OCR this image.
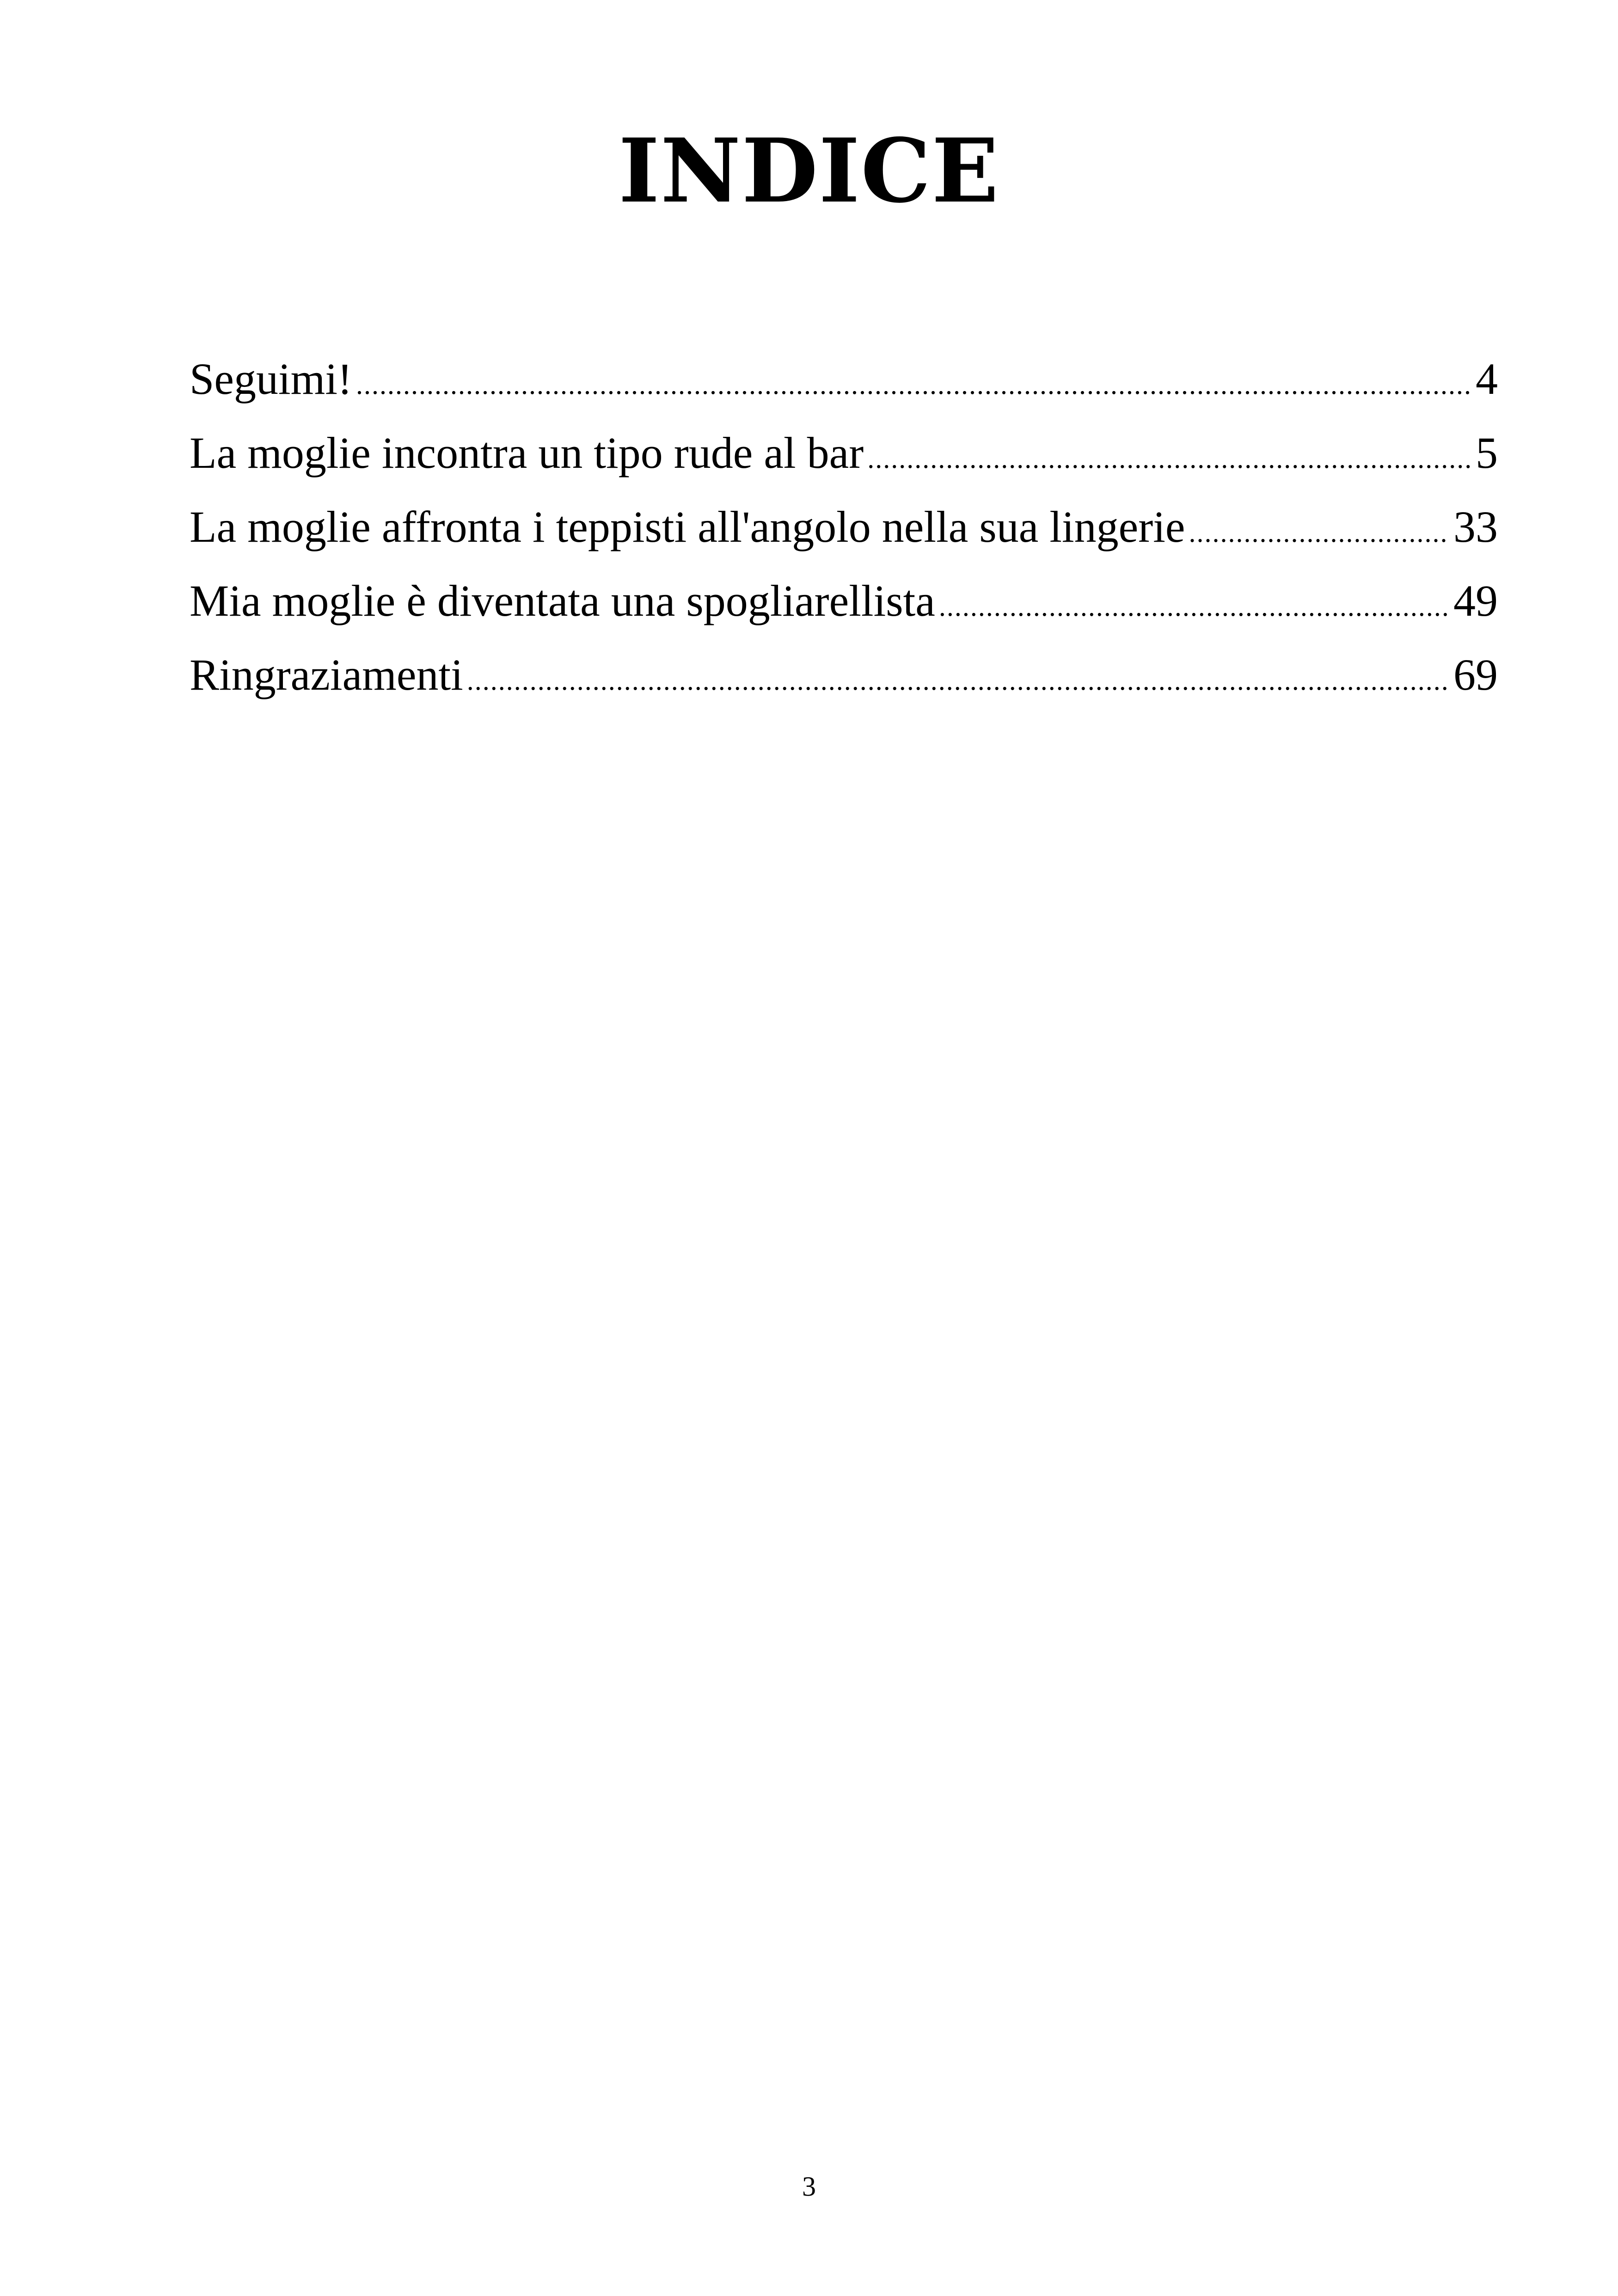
INDICE
Seguimi! .....	4
La moglie incontra un tipo rude al bar .....	5
La moglie affronta i teppisti all'angolo nella sua lingerie .....	33
Mia moglie è diventata una spogliarellista .....	49
Ringraziamenti .....	69
3
